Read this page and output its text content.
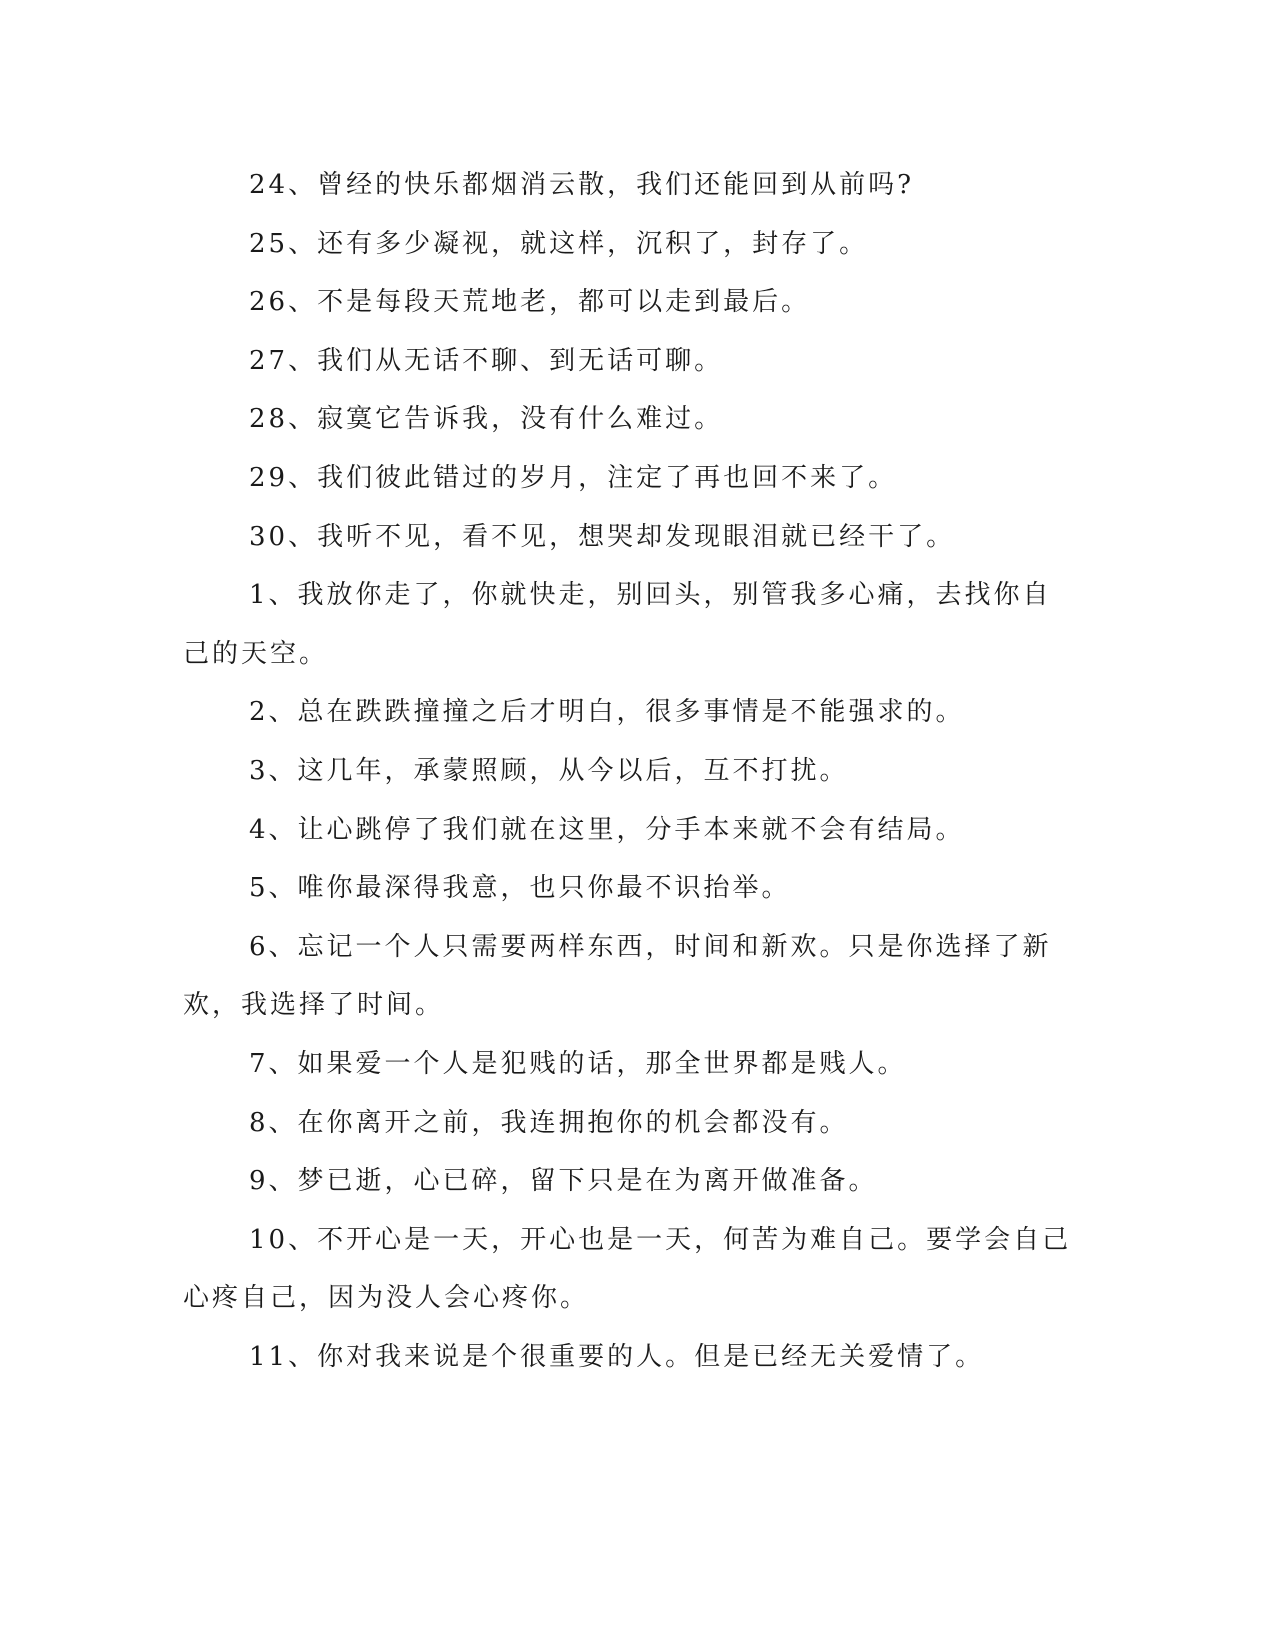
24、曾经的快乐都烟消云散，我们还能回到从前吗?

25、还有多少凝视，就这样，沉积了，封存了。

26、不是每段天荒地老，都可以走到最后。

27、我们从无话不聊、到无话可聊。

28、寂寞它告诉我，没有什么难过。

29、我们彼此错过的岁月，注定了再也回不来了。

30、我听不见，看不见，想哭却发现眼泪就已经干了。

1、我放你走了，你就快走，别回头，别管我多心痛，去找你自己的天空。

2、总在跌跌撞撞之后才明白，很多事情是不能强求的。

3、这几年，承蒙照顾，从今以后，互不打扰。

4、让心跳停了我们就在这里，分手本来就不会有结局。

5、唯你最深得我意，也只你最不识抬举。

6、忘记一个人只需要两样东西，时间和新欢。只是你选择了新欢，我选择了时间。

7、如果爱一个人是犯贱的话，那全世界都是贱人。

8、在你离开之前，我连拥抱你的机会都没有。

9、梦已逝，心已碎，留下只是在为离开做准备。

10、不开心是一天，开心也是一天，何苦为难自己。要学会自己心疼自己，因为没人会心疼你。

11、你对我来说是个很重要的人。但是已经无关爱情了。
